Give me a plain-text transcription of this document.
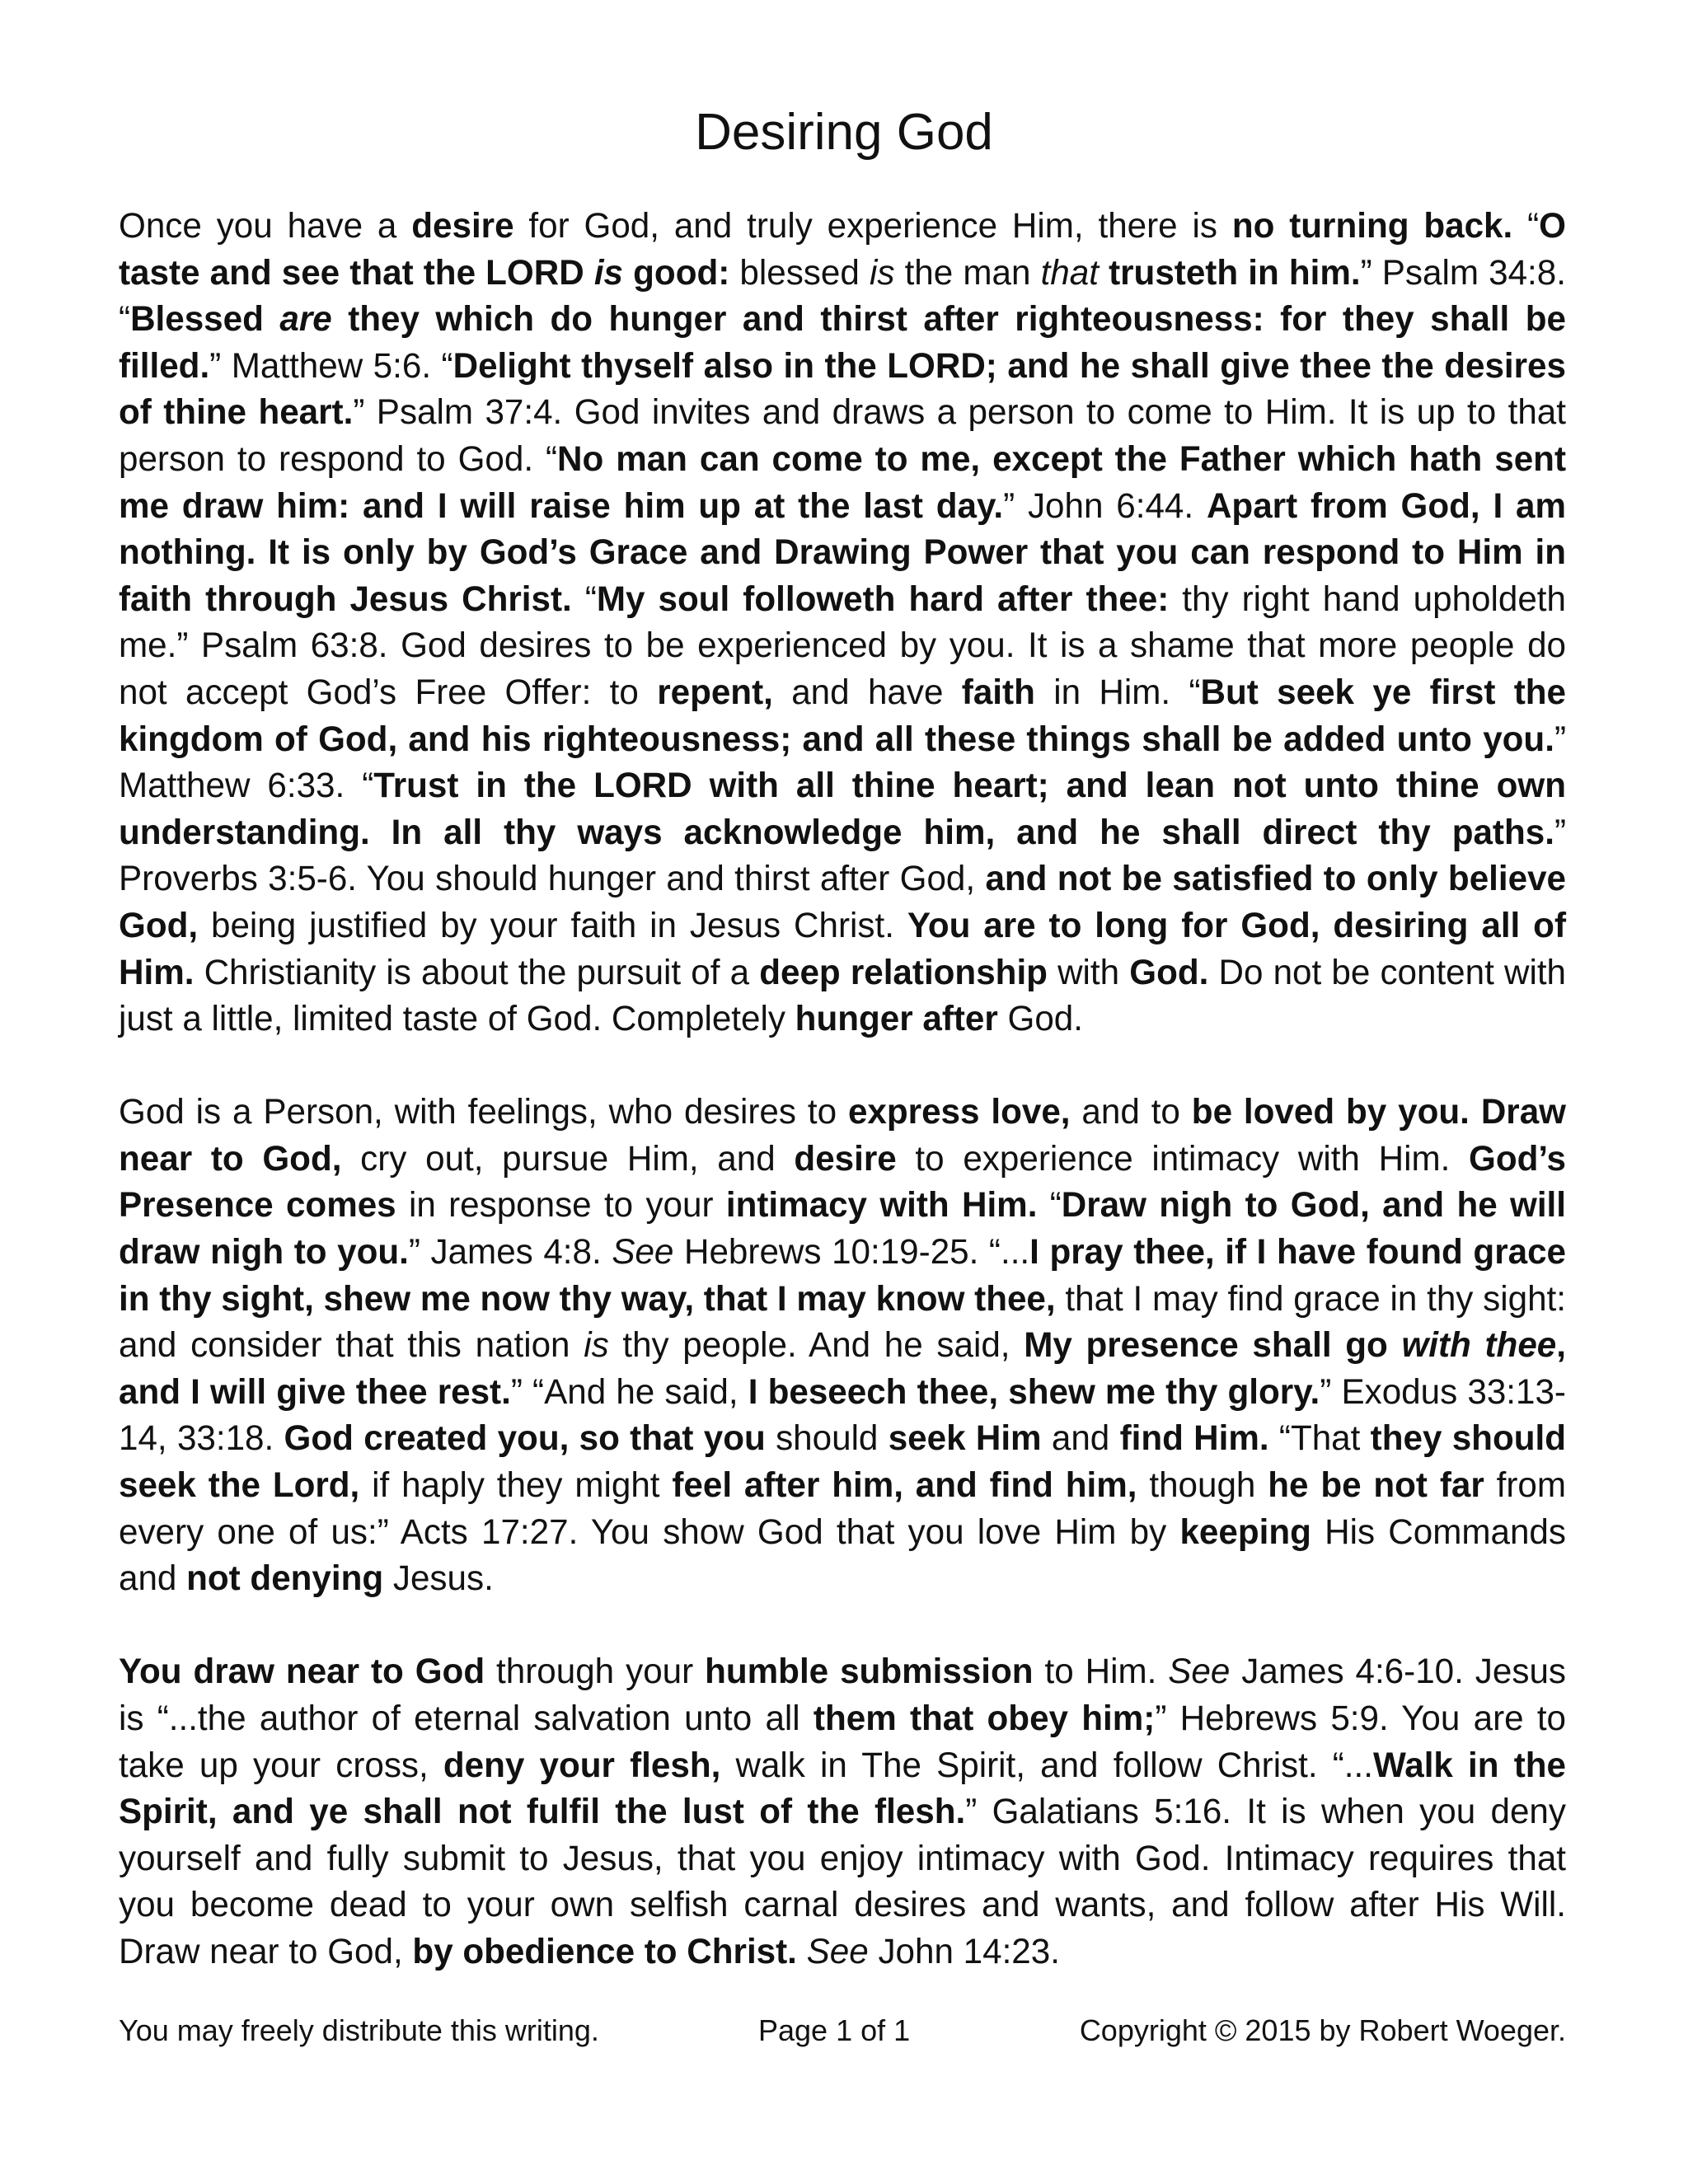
Desiring God

Once you have a desire for God, and truly experience Him, there is no turning back. “O taste and see that the LORD is good: blessed is the man that trusteth in him.” Psalm 34:8. “Blessed are they which do hunger and thirst after righteousness: for they shall be filled.” Matthew 5:6. “Delight thyself also in the LORD; and he shall give thee the desires of thine heart.” Psalm 37:4. God invites and draws a person to come to Him. It is up to that person to respond to God. “No man can come to me, except the Father which hath sent me draw him: and I will raise him up at the last day.” John 6:44. Apart from God, I am nothing. It is only by God’s Grace and Drawing Power that you can respond to Him in faith through Jesus Christ. “My soul followeth hard after thee: thy right hand upholdeth me.” Psalm 63:8. God desires to be experienced by you. It is a shame that more people do not accept God’s Free Offer: to repent, and have faith in Him. “But seek ye first the kingdom of God, and his righteousness; and all these things shall be added unto you.” Matthew 6:33. “Trust in the LORD with all thine heart; and lean not unto thine own understanding. In all thy ways acknowledge him, and he shall direct thy paths.” Proverbs 3:5-6. You should hunger and thirst after God, and not be satisfied to only believe God, being justified by your faith in Jesus Christ. You are to long for God, desiring all of Him. Christianity is about the pursuit of a deep relationship with God. Do not be content with just a little, limited taste of God. Completely hunger after God.

God is a Person, with feelings, who desires to express love, and to be loved by you. Draw near to God, cry out, pursue Him, and desire to experience intimacy with Him. God’s Presence comes in response to your intimacy with Him. “Draw nigh to God, and he will draw nigh to you.” James 4:8. See Hebrews 10:19-25. “...I pray thee, if I have found grace in thy sight, shew me now thy way, that I may know thee, that I may find grace in thy sight: and consider that this nation is thy people. And he said, My presence shall go with thee, and I will give thee rest.” “And he said, I beseech thee, shew me thy glory.” Exodus 33:13-14, 33:18. God created you, so that you should seek Him and find Him. “That they should seek the Lord, if haply they might feel after him, and find him, though he be not far from every one of us:” Acts 17:27. You show God that you love Him by keeping His Commands and not denying Jesus.

You draw near to God through your humble submission to Him. See James 4:6-10. Jesus is “...the author of eternal salvation unto all them that obey him;” Hebrews 5:9. You are to take up your cross, deny your flesh, walk in The Spirit, and follow Christ. “...Walk in the Spirit, and ye shall not fulfil the lust of the flesh.” Galatians 5:16. It is when you deny yourself and fully submit to Jesus, that you enjoy intimacy with God. Intimacy requires that you become dead to your own selfish carnal desires and wants, and follow after His Will. Draw near to God, by obedience to Christ. See John 14:23.

You may freely distribute this writing.	Page 1 of 1	Copyright © 2015 by Robert Woeger.
